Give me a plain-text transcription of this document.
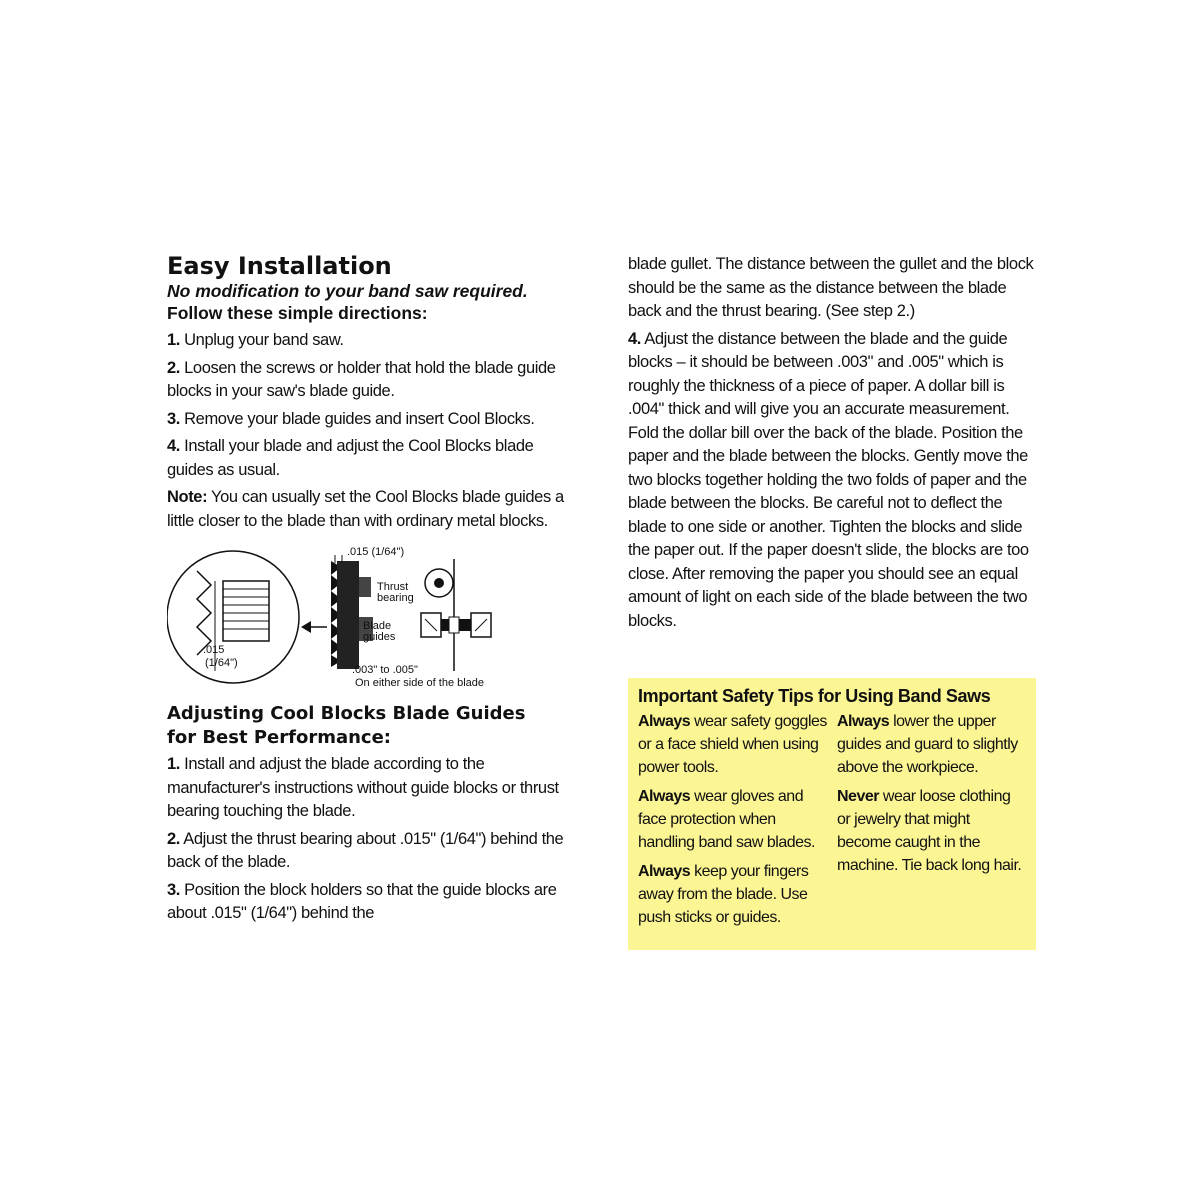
Easy Installation

No modification to your band saw required.

Follow these simple directions:

1. Unplug your band saw.

2. Loosen the screws or holder that hold the blade guide blocks in your saw's blade guide.

3. Remove your blade guides and insert Cool Blocks.

4. Install your blade and adjust the Cool Blocks blade guides as usual.

Note: You can usually set the Cool Blocks blade guides a little closer to the blade than with ordinary metal blocks.

.015
(1/64")
.015 (1/64")
Thrust
bearing
Blade
guides
.003" to .005"
On either side of the blade
Adjusting Cool Blocks Blade Guides
for Best Performance:

1. Install and adjust the blade according to the manufacturer's instructions without guide blocks or thrust bearing touching the blade.

2. Adjust the thrust bearing about .015" (1/64") behind the back of the blade.

3. Position the block holders so that the guide blocks are about .015" (1/64") behind the

blade gullet. The distance between the gullet and the block should be the same as the distance between the blade back and the thrust bearing. (See step 2.)

4. Adjust the distance between the blade and the guide blocks – it should be between .003" and .005" which is roughly the thickness of a piece of paper. A dollar bill is .004" thick and will give you an accurate measurement. Fold the dollar bill over the back of the blade. Position the paper and the blade between the blocks. Gently move the two blocks together holding the two folds of paper and the blade between the blocks. Be careful not to deflect the blade to one side or another. Tighten the blocks and slide the paper out. If the paper doesn't slide, the blocks are too close. After removing the paper you should see an equal amount of light on each side of the blade between the two blocks.

Important Safety Tips for Using Band Saws

Always wear safety goggles or a face shield when using power tools.

Always wear gloves and face protection when handling band saw blades.

Always keep your fingers away from the blade. Use push sticks or guides.

Always lower the upper guides and guard to slightly above the workpiece.

Never wear loose clothing or jewelry that might become caught in the machine. Tie back long hair.
